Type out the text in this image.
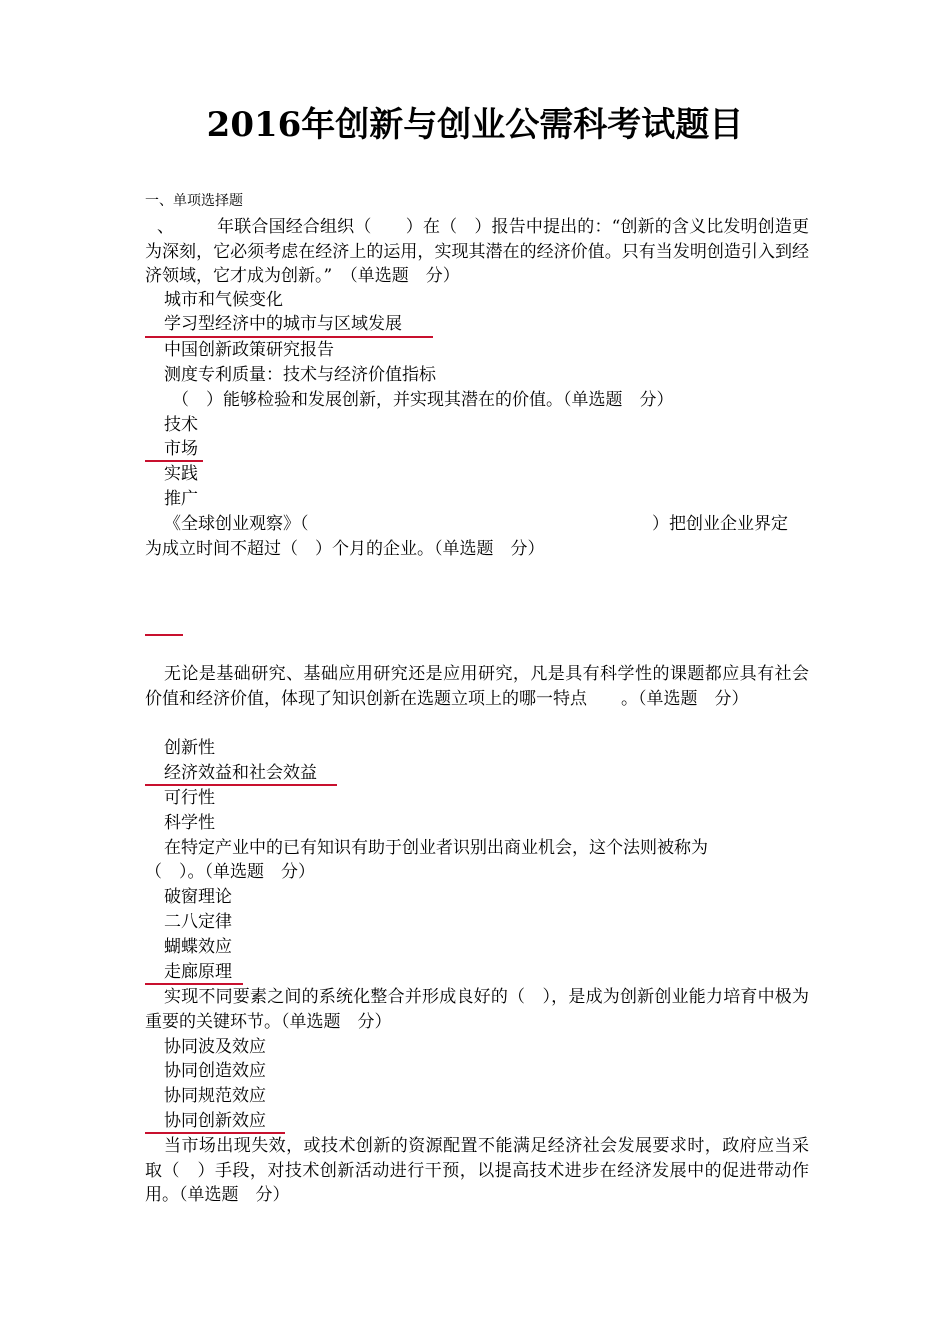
2016年创新与创业公需科考试题目
一、单项选择题
、　　　年联合国经合组织（　　）在（　）报告中提出的：“创新的含义比发明创造更为深刻，它必须考虑在经济上的运用，实现其潜在的经济价值。只有当发明创造引入到经济领域，它才成为创新。”　（单选题　分）
城市和气候变化
学习型经济中的城市与区域发展
中国创新政策研究报告
测度专利质量：技术与经济价值指标
（　）能够检验和发展创新，并实现其潜在的价值。（单选题　分）
技术
市场
实践
推广
《全球创业观察》（	）把创业企业界定
为成立时间不超过（　）个月的企业。（单选题　分）
无论是基础研究、基础应用研究还是应用研究，凡是具有科学性的课题都应具有社会价值和经济价值，体现了知识创新在选题立项上的哪一特点　　。（单选题　分）
创新性
经济效益和社会效益
可行性
科学性
在特定产业中的已有知识有助于创业者识别出商业机会，这个法则被称为
（　）。（单选题　分）
破窗理论
二八定律
蝴蝶效应
走廊原理
实现不同要素之间的系统化整合并形成良好的（　），是成为创新创业能力培育中极为重要的关键环节。（单选题　分）
协同波及效应
协同创造效应
协同规范效应
协同创新效应
当市场出现失效，或技术创新的资源配置不能满足经济社会发展要求时，政府应当采取（　）手段，对技术创新活动进行干预，以提高技术进步在经济发展中的促进带动作用。（单选题　分）
